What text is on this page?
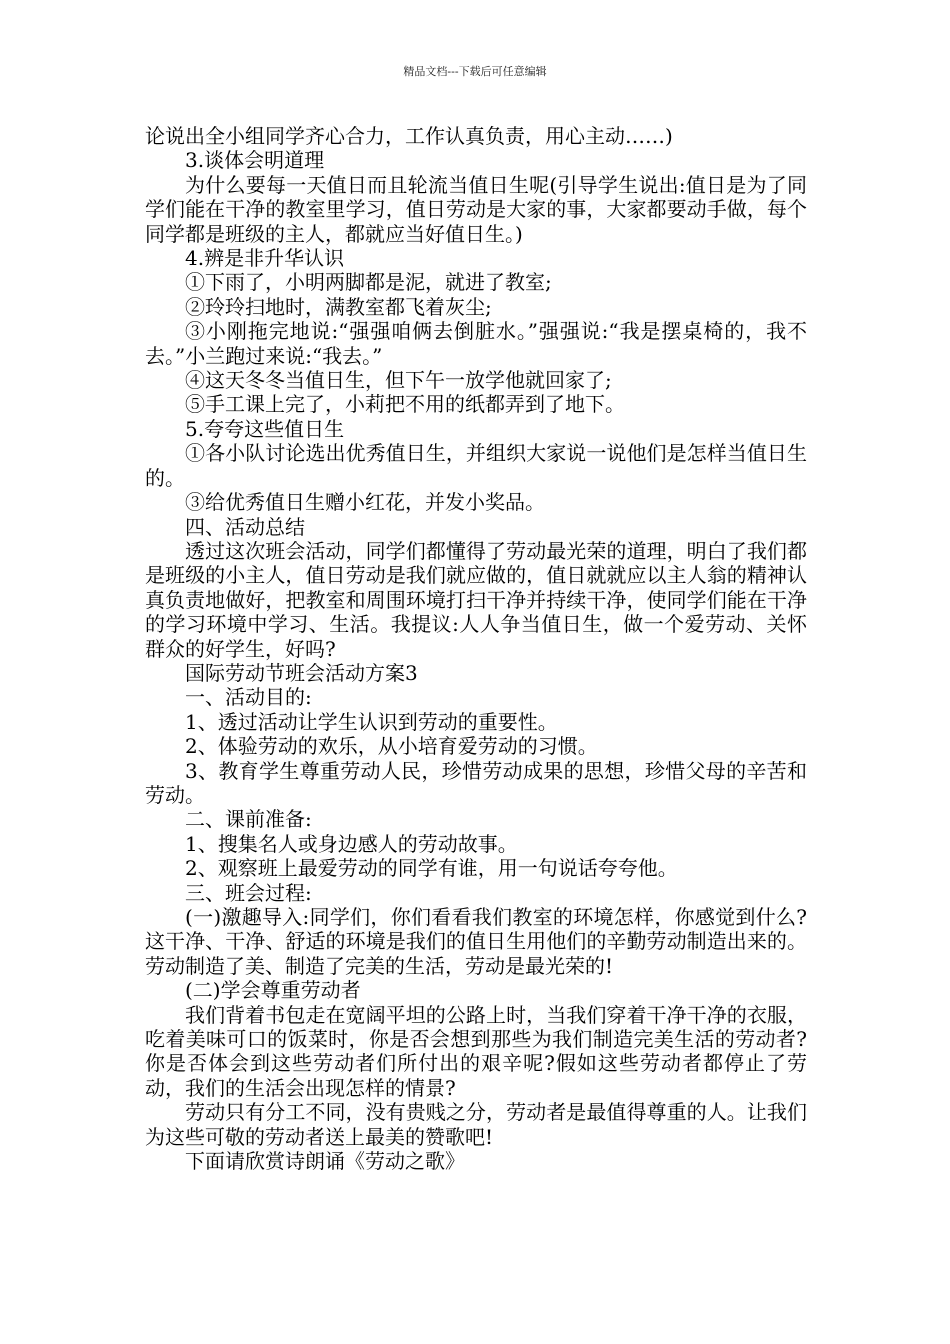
精品文档---下载后可任意编辑

论说出全小组同学齐心合力，工作认真负责，用心主动……)

3.谈体会明道理

为什么要每一天值日而且轮流当值日生呢(引导学生说出:值日是为了同学们能在干净的教室里学习，值日劳动是大家的事，大家都要动手做，每个同学都是班级的主人，都就应当好值日生。)

4.辨是非升华认识

①下雨了，小明两脚都是泥，就进了教室;

②玲玲扫地时，满教室都飞着灰尘;

③小刚拖完地说:“强强咱俩去倒脏水。”强强说:“我是摆桌椅的，我不去。”小兰跑过来说:“我去。”

④这天冬冬当值日生，但下午一放学他就回家了;

⑤手工课上完了，小莉把不用的纸都弄到了地下。

5.夸夸这些值日生

①各小队讨论选出优秀值日生，并组织大家说一说他们是怎样当值日生的。

③给优秀值日生赠小红花，并发小奖品。

四、活动总结

透过这次班会活动，同学们都懂得了劳动最光荣的道理，明白了我们都是班级的小主人，值日劳动是我们就应做的，值日就就应以主人翁的精神认真负责地做好，把教室和周围环境打扫干净并持续干净，使同学们能在干净的学习环境中学习、生活。我提议:人人争当值日生，做一个爱劳动、关怀群众的好学生，好吗?

国际劳动节班会活动方案3

一、活动目的:

1、透过活动让学生认识到劳动的重要性。

2、体验劳动的欢乐，从小培育爱劳动的习惯。

3、教育学生尊重劳动人民，珍惜劳动成果的思想，珍惜父母的辛苦和劳动。

二、课前准备:

1、搜集名人或身边感人的劳动故事。

2、观察班上最爱劳动的同学有谁，用一句说话夸夸他。

三、班会过程:

(一)激趣导入:同学们，你们看看我们教室的环境怎样，你感觉到什么?这干净、干净、舒适的环境是我们的值日生用他们的辛勤劳动制造出来的。劳动制造了美、制造了完美的生活，劳动是最光荣的!

(二)学会尊重劳动者

我们背着书包走在宽阔平坦的公路上时，当我们穿着干净干净的衣服，吃着美味可口的饭菜时，你是否会想到那些为我们制造完美生活的劳动者?你是否体会到这些劳动者们所付出的艰辛呢?假如这些劳动者都停止了劳动，我们的生活会出现怎样的情景?

劳动只有分工不同，没有贵贱之分，劳动者是最值得尊重的人。让我们为这些可敬的劳动者送上最美的赞歌吧!

下面请欣赏诗朗诵《劳动之歌》
